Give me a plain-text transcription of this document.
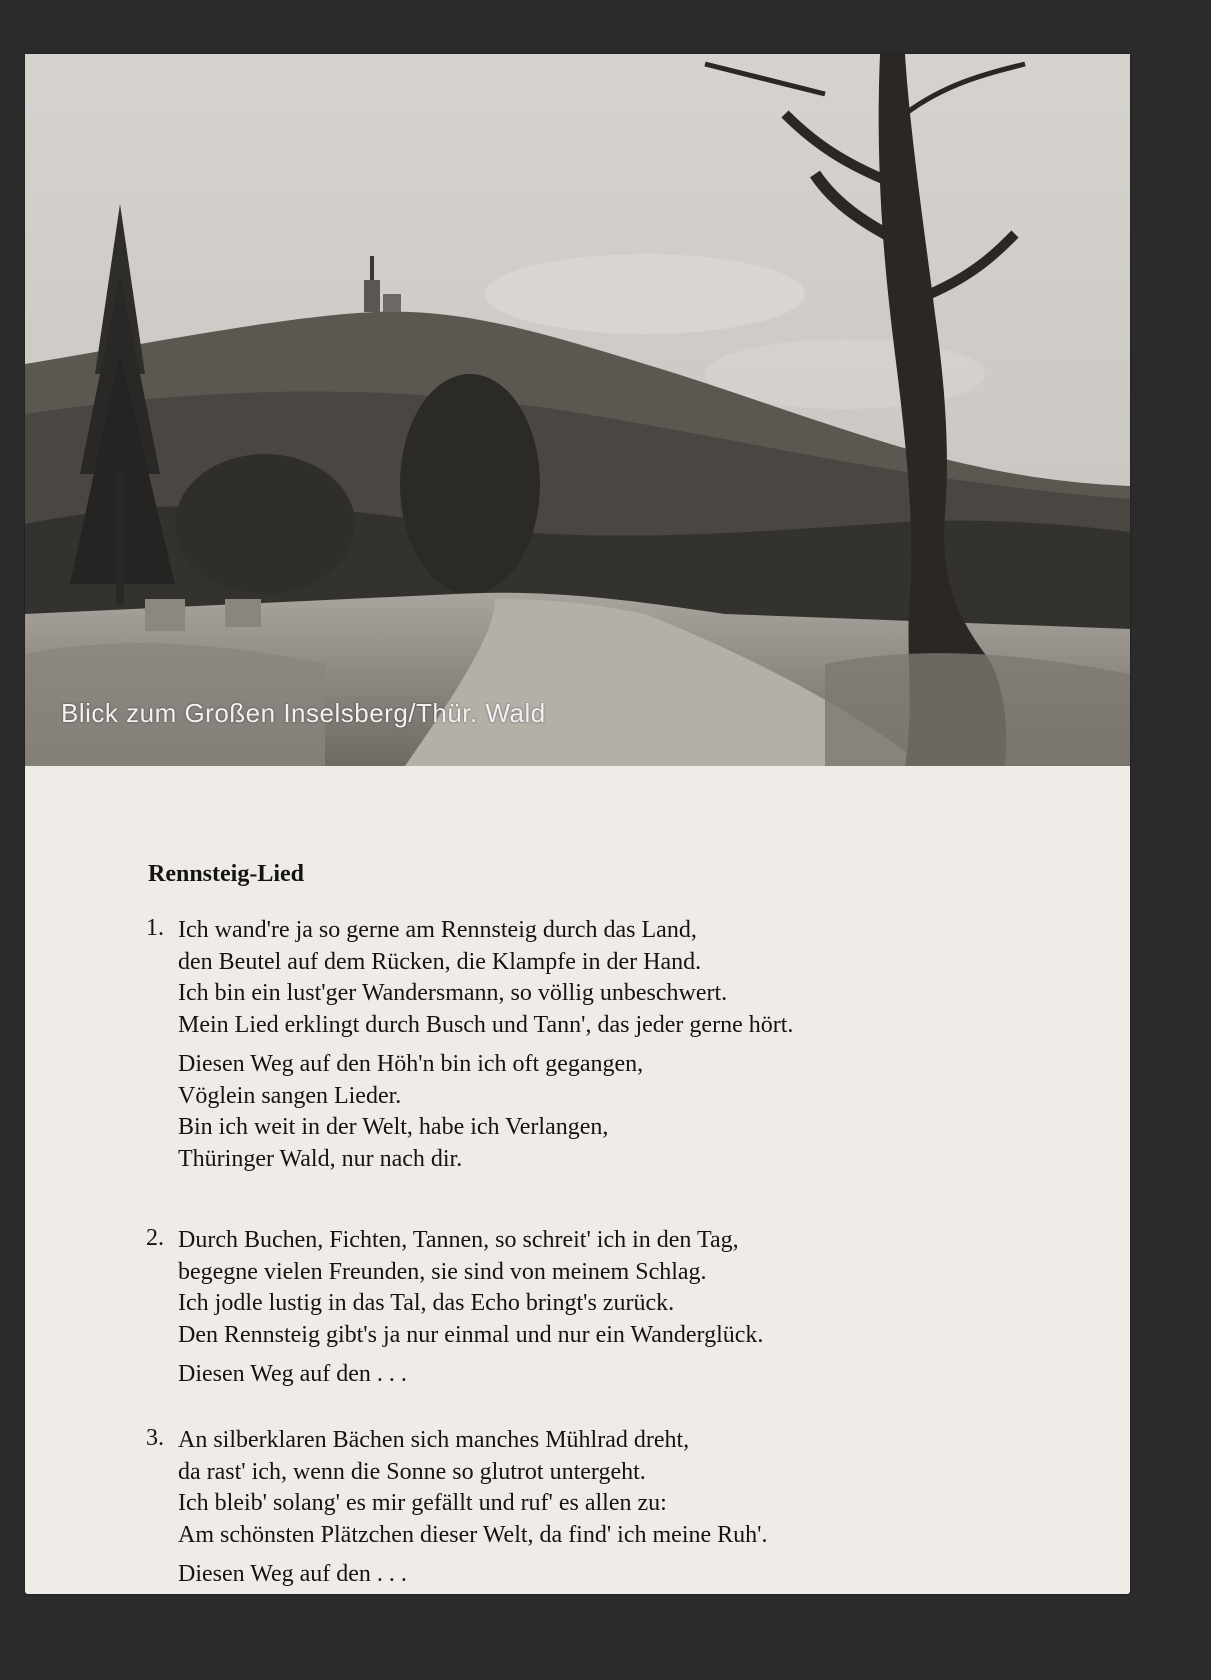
Blick zum Großen Inselsberg/Thür. Wald
Rennsteig-Lied
1. Ich wand're ja so gerne am Rennsteig durch das Land,
den Beutel auf dem Rücken, die Klampfe in der Hand.
Ich bin ein lust'ger Wandersmann, so völlig unbeschwert.
Mein Lied erklingt durch Busch und Tann', das jeder gerne hört.
Diesen Weg auf den Höh'n bin ich oft gegangen,
Vöglein sangen Lieder.
Bin ich weit in der Welt, habe ich Verlangen,
Thüringer Wald, nur nach dir.
2. Durch Buchen, Fichten, Tannen, so schreit' ich in den Tag,
begegne vielen Freunden, sie sind von meinem Schlag.
Ich jodle lustig in das Tal, das Echo bringt's zurück.
Den Rennsteig gibt's ja nur einmal und nur ein Wanderglück.
Diesen Weg auf den . . .
3. An silberklaren Bächen sich manches Mühlrad dreht,
da rast' ich, wenn die Sonne so glutrot untergeht.
Ich bleib' solang' es mir gefällt und ruf' es allen zu:
Am schönsten Plätzchen dieser Welt, da find' ich meine Ruh'.
Diesen Weg auf den . . .
